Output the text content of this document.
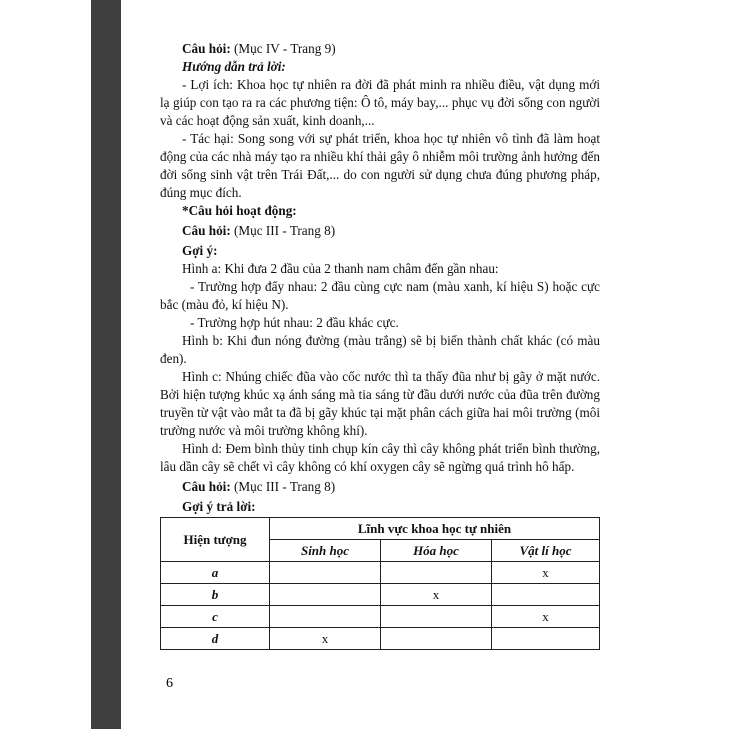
Câu hỏi: (Mục IV - Trang 9)

Hướng dẫn trả lời:

- Lợi ích: Khoa học tự nhiên ra đời đã phát minh ra nhiều điều, vật dụng mới lạ giúp con tạo ra ra các phương tiện: Ô tô, máy bay,... phục vụ đời sống con người và các hoạt động sản xuất, kinh doanh,...

- Tác hại: Song song với sự phát triển, khoa học tự nhiên vô tình đã làm hoạt động của các nhà máy tạo ra nhiều khí thải gây ô nhiễm môi trường ảnh hưởng đến đời sống sinh vật trên Trái Đất,... do con người sử dụng chưa đúng phương pháp, đúng mục đích.

*Câu hỏi hoạt động:

Câu hỏi: (Mục III - Trang 8)

Gợi ý:

Hình a: Khi đưa 2 đầu của 2 thanh nam châm đến gần nhau:

- Trường hợp đẩy nhau: 2 đầu cùng cực nam (màu xanh, kí hiệu S) hoặc cực bắc (màu đỏ, kí hiệu N).

- Trường hợp hút nhau: 2 đầu khác cực.

Hình b: Khi đun nóng đường (màu trắng) sẽ bị biến thành chất khác (có màu đen).

Hình c: Nhúng chiếc đũa vào cốc nước thì ta thấy đũa như bị gãy ở mặt nước. Bởi hiện tượng khúc xạ ánh sáng mà tia sáng từ đầu dưới nước của đũa trên đường truyền từ vật vào mắt ta đã bị gãy khúc tại mặt phân cách giữa hai môi trường (môi trường nước và môi trường không khí).

Hình d: Đem bình thủy tinh chụp kín cây thì cây không phát triển bình thường, lâu dần cây sẽ chết vì cây không có khí oxygen cây sẽ ngừng quá trình hô hấp.

Câu hỏi: (Mục III - Trang 8)

Gợi ý trả lời:

Hiện tượng	Lĩnh vực khoa học tự nhiên		
	Sinh học	Hóa học	Vật lí học
a			x
b		x	
c			x
d	x		
6
